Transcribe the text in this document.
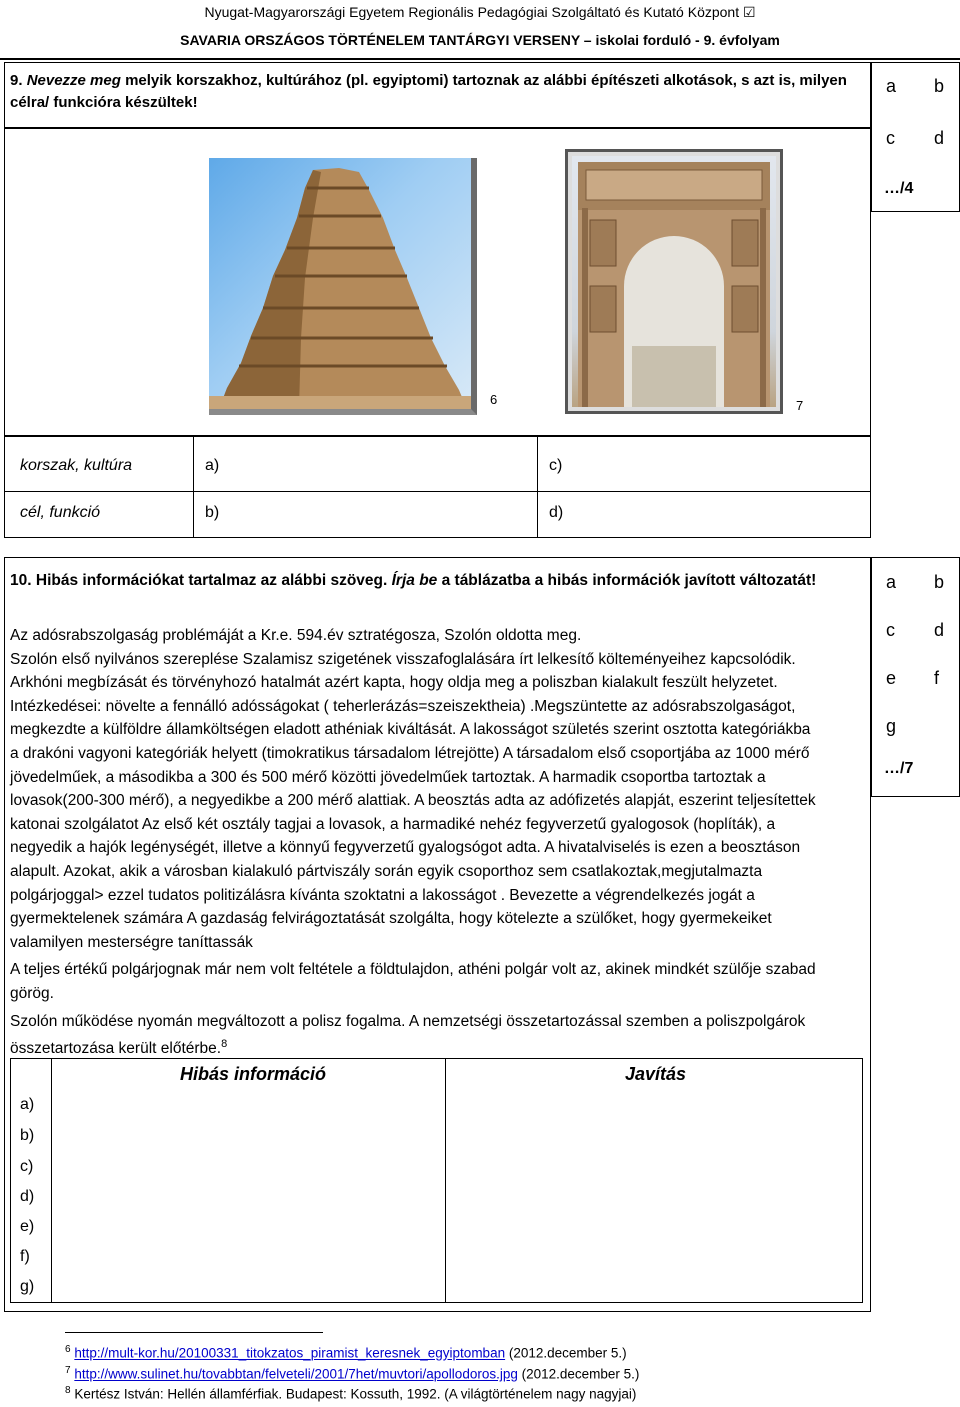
Nyugat-Magyarországi Egyetem Regionális Pedagógiai Szolgáltató és Kutató Központ ☑
SAVARIA ORSZÁGOS TÖRTÉNELEM TANTÁRGYI VERSENY – iskolai forduló - 9. évfolyam
9. Nevezze meg melyik korszakhoz, kultúrához (pl. egyiptomi) tartoznak az alábbi építészeti alkotások, s azt is, milyen célra/ funkcióra készültek!
a b
c d
…/4
6	7
korszak, kultúra	a)	c)
cél, funkció	b)	d)
a b
c d
e f
g
…/7
10. Hibás információkat tartalmaz az alábbi szöveg. Írja be a táblázatba a hibás információk javított változatát!
Az adósrabszolgaság problémáját a Kr.e. 594.év sztratégosza, Szolón oldotta meg.
Szolón első nyilvános szereplése Szalamisz szigetének visszafoglalására írt lelkesítő költeményeihez kapcsolódik.
Arkhóni megbízását és törvényhozó hatalmát azért kapta, hogy oldja meg a poliszban kialakult feszült helyzetet.
Intézkedései: növelte a fennálló adósságokat ( teherlerázás=szeiszektheia) .Megszüntette az adósrabszolgaságot,
megkezdte a külföldre államköltségen eladott athéniak kiváltását. A lakosságot születés szerint osztotta kategóriákba
a drakóni vagyoni kategóriák helyett (timokratikus társadalom létrejötte) A társadalom első csoportjába az 1000 mérő
jövedelműek, a másodikba a 300 és 500 mérő közötti jövedelműek tartoztak. A harmadik csoportba tartoztak a
lovasok(200-300 mérő), a negyedikbe a 200 mérő alattiak. A beosztás adta az adófizetés alapját, eszerint teljesítettek
katonai szolgálatot Az első két osztály tagjai a lovasok, a harmadiké nehéz fegyverzetű gyalogosok (hoplíták), a
negyedik a hajók legénységét, illetve a könnyű fegyverzetű gyalogsógot adta. A hivatalviselés is ezen a beosztáson
alapult. Azokat, akik a városban kialakuló pártviszály során egyik csoporthoz sem csatlakoztak,megjutalmazta
polgárjoggal> ezzel tudatos politizálásra kívánta szoktatni a lakosságot . Bevezette a végrendelkezés jogát a
gyermektelenek számára A gazdaság felvirágoztatását szolgálta, hogy kötelezte a szülőket, hogy gyermekeiket
valamilyen mesterségre taníttassák
A teljes értékű polgárjognak már nem volt feltétele a földtulajdon, athéni polgár volt az, akinek mindkét szülője szabad
görög.
Szolón működése nyomán megváltozott a polisz fogalma. A nemzetségi összetartozással szemben a poliszpolgárok
összetartozása került előtérbe.$^8$
Hibás információ	Javítás
a)
b)
c)
d)
e)
f)
g)
$^6$ http://mult-kor.hu/20100331_titokzatos_piramist_keresnek_egyiptomban (2012.december 5.)
$^7$ http://www.sulinet.hu/tovabbtan/felveteli/2001/7het/muvtori/apollodoros.jpg (2012.december 5.)
$^8$ Kertész István: Hellén államférfiak. Budapest: Kossuth, 1992. (A világtörténelem nagy nagyjai)
